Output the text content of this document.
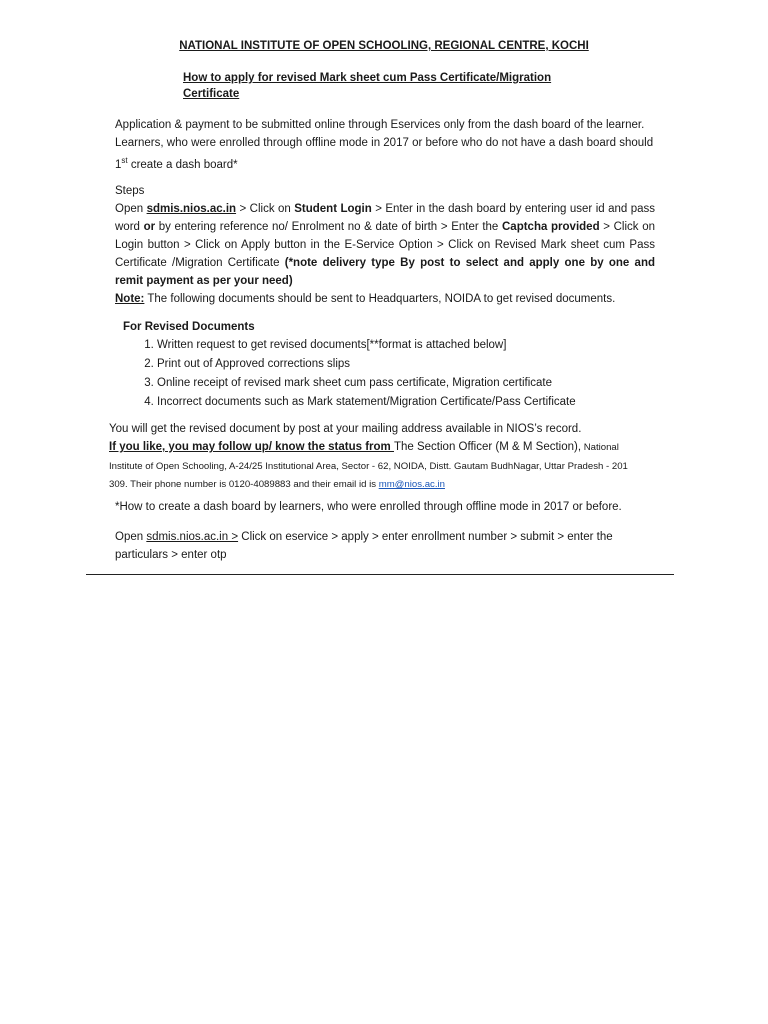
NATIONAL INSTITUTE OF OPEN SCHOOLING, REGIONAL CENTRE, KOCHI
How to apply for revised Mark sheet cum Pass Certificate/Migration Certificate
Application & payment to be submitted online through Eservices only from the dash board of the learner. Learners, who were enrolled through offline mode in 2017 or before who do not have a dash board should 1st create a dash board*
Steps
Open sdmis.nios.ac.in > Click on Student Login > Enter in the dash board by entering user id and pass word or by entering reference no/ Enrolment no & date of birth > Enter the Captcha provided > Click on Login button > Click on Apply button in the E-Service Option > Click on Revised Mark sheet cum Pass Certificate /Migration Certificate (*note delivery type By post to select and apply one by one and remit payment as per your need)
Note: The following documents should be sent to Headquarters, NOIDA to get revised documents.
For Revised Documents
1. Written request to get revised documents[**format is attached below]
2. Print out of Approved corrections slips
3. Online receipt of revised mark sheet cum pass certificate, Migration certificate
4. Incorrect documents such as Mark statement/Migration Certificate/Pass Certificate
You will get the revised document by post at your mailing address available in NIOS’s record.
If you like, you may follow up/ know the status from The Section Officer (M & M Section), National
Institute of Open Schooling, A-24/25 Institutional Area, Sector - 62, NOIDA, Distt. Gautam BudhNagar, Uttar Pradesh - 201 309. Their phone number is 0120-4089883 and their email id is mm@nios.ac.in
*How to create a dash board by learners, who were enrolled through offline mode in 2017 or before.
Open sdmis.nios.ac.in > Click on eservice > apply > enter enrollment number > submit > enter the particulars > enter otp
